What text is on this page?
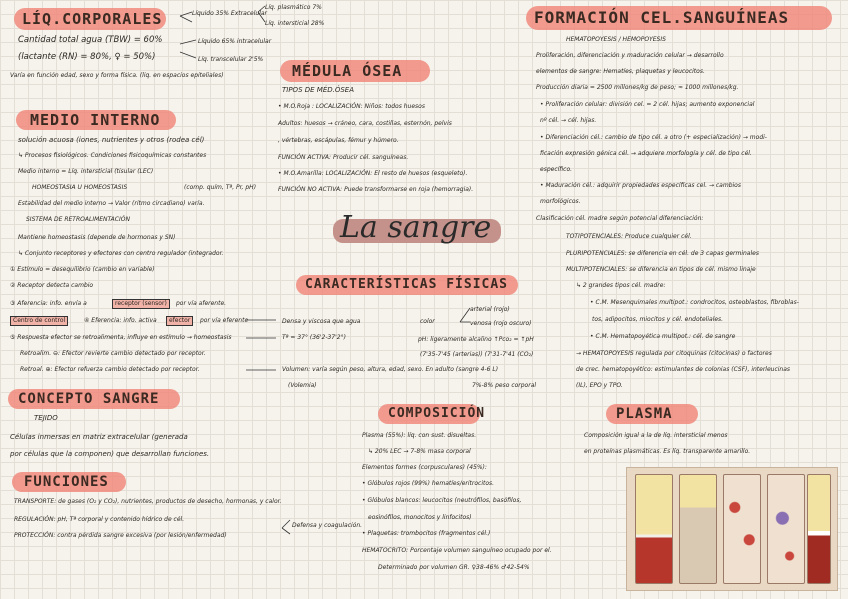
La sangre
LÍQ.CORPORALES
Cantidad total agua (TBW) = 60%
(lactante (RN) = 80%, ♀ = 50%)
Varía en función edad, sexo y forma física. (liq. en espacios epiteliales)
Líquido 35% Extracelular
Líq. plasmático 7%
Líq. intersticial 28%
Líquido 65% intracelular
Líq. transcelular 2'5%
MEDIO INTERNO
solución acuosa (iones, nutrientes y otros (rodea cél)
↳ Procesos fisiológicos. Condiciones fisicoquímicas constantes
Medio interno = Líq. intersticial (tisular (LEC)
HOMEOSTASIA U HOMEOSTASIS	(comp. quím, Tª, Pr, pH)
Estabilidad del medio interno → Valor (ritmo circadiano) varía.
SISTEMA DE RETROALIMENTACIÓN
Mantiene homeostasis (depende de hormonas y SN)
↳ Conjunto receptores y efectores con centro regulador (integrador.
① Estímulo = desequilibrio (cambio en variable)
② Receptor detecta cambio
③ Aferencia: info. envía a	receptor (sensor)	por vía aferente.
Centro de control	④ Eferencia: info. activa	efector	por vía eferente
⑤ Respuesta efector se retroalimenta, influye en estímulo → homeostasis
Retroalim. ⊖: Efector revierte cambio detectado por receptor.
Retroal. ⊕: Efector refuerza cambio detectado por receptor.
CONCEPTO SANGRE
TEJIDO
Células inmersas en matriz extracelular (generada
por células que la componen) que desarrollan funciones.
FUNCIONES
TRANSPORTE: de gases (O₂ y CO₂), nutrientes, productos de desecho, hormonas, y calor.
REGULACIÓN: pH, Tª corporal y contenido hídrico de cél.
PROTECCIÓN: contra pérdida sangre excesiva (por lesión/enfermedad)
Defensa y coagulación.
MÉDULA ÓSEA
TIPOS DE MÉD.ÓSEA
• M.O.Roja : LOCALIZACIÓN: Niños: todos huesos
Adultos: huesos → cráneo, cara, costillas, esternón, pelvis
, vértebras, escápulas, fémur y húmero.
FUNCIÓN ACTIVA: Producir cél. sanguíneas.
• M.O.Amarilla: LOCALIZACIÓN: El resto de huesos (esqueleto).
FUNCIÓN NO ACTIVA: Puede transformarse en roja (hemorragia).
CARACTERÍSTICAS FÍSICAS
Densa y viscosa que agua
Tª = 37° (36'2-37'2°)
color
arterial (rojo)
venosa (rojo oscuro)
pH: ligeramente alcalino ↑Pco₂ = ↑pH
(7'35-7'45 (arterias)) (7'31-7'41 (CO₂)
Volumen: varía según peso, altura, edad, sexo. En adulto (sangre 4-6 L)
(Volemia)	7%-8% peso corporal
COMPOSICIÓN
Plasma (55%): líq. con sust. disueltas.
↳ 20% LEC → 7-8% masa corporal
Elementos formes (corpusculares) (45%):
• Glóbulos rojos (99%) hematíes/eritrocitos.
• Glóbulos blancos: leucocitos (neutrófilos, basófilos,
eosinófilos, monocitos y linfocitos)
• Plaquetas: trombocitos (fragmentos cél.)
HEMATOCRITO: Porcentaje volumen sanguíneo ocupado por el.
Determinado por volumen GR. ♀38-46% ♂42-54%
FORMACIÓN CEL.SANGUÍNEAS
HEMATOPOYESIS / HEMOPOYESIS
Proliferación, diferenciación y maduración celular → desarrollo
elementos de sangre: Hematíes, plaquetas y leucocitos.
Producción diaria = 2500 millones/kg de peso; ≈ 1000 millones/kg.
• Proliferación celular: división cel. = 2 cél. hijas; aumento exponencial
nº cél. → cél. hijas.
• Diferenciación cél.: cambio de tipo cél. a otro (+ especialización) → modi-
ficación expresión génica cél. → adquiere morfología y cél. de tipo cél.
específico.
• Maduración cél.: adquirir propiedades específicas cel. → cambios
morfológicos.
Clasificación cél. madre según potencial diferenciación:
TOTIPOTENCIALES: Produce cualquier cél.
PLURIPOTENCIALES: se diferencia en cél. de 3 capas germinales
MULTIPOTENCIALES: se diferencia en tipos de cél. mismo linaje
↳ 2 grandes tipos cél. madre:
• C.M. Mesenquimales multipot.: condrocitos, osteoblastos, fibroblas-
tos, adipocitos, miocitos y cél. endoteliales.
• C.M. Hematopoyética multipot.: cél. de sangre
→ HEMATOPOYESIS regulada por citoquinas (citocinas) o factores
de crec. hematopoyético: estimulantes de colonias (CSF), interleucinas
(IL), EPO y TPO.
PLASMA
Composición igual a la de líq. intersticial menos
en proteínas plasmáticas. Es líq. transparente amarillo.
